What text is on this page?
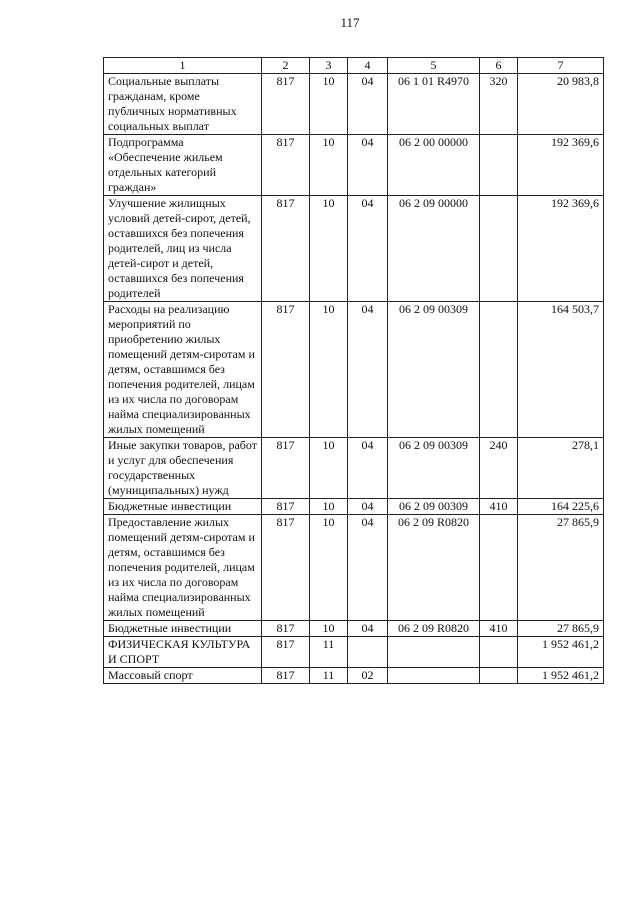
117
1	2	3	4	5	6	7
Социальные выплаты гражданам, кроме публичных нормативных социальных выплат	817	10	04	06 1 01 R4970	320	20 983,8
Подпрограмма «Обеспечение жильем отдельных категорий граждан»	817	10	04	06 2 00 00000		192 369,6
Улучшение жилищных условий детей-сирот, детей, оставшихся без попечения родителей, лиц из числа детей-сирот и детей, оставшихся без попечения родителей	817	10	04	06 2 09 00000		192 369,6
Расходы на реализацию мероприятий по приобретению жилых помещений детям-сиротам и детям, оставшимся без попечения родителей, лицам из их числа по договорам найма специализированных жилых помещений	817	10	04	06 2 09 00309		164 503,7
Иные закупки товаров, работ и услуг для обеспечения государственных (муниципальных) нужд	817	10	04	06 2 09 00309	240	278,1
Бюджетные инвестиции	817	10	04	06 2 09 00309	410	164 225,6
Предоставление жилых помещений детям-сиротам и детям, оставшимся без попечения родителей, лицам из их числа по договорам найма специализированных жилых помещений	817	10	04	06 2 09 R0820		27 865,9
Бюджетные инвестиции	817	10	04	06 2 09 R0820	410	27 865,9
ФИЗИЧЕСКАЯ КУЛЬТУРА И СПОРТ	817	11				1 952 461,2
Массовый спорт	817	11	02			1 952 461,2
